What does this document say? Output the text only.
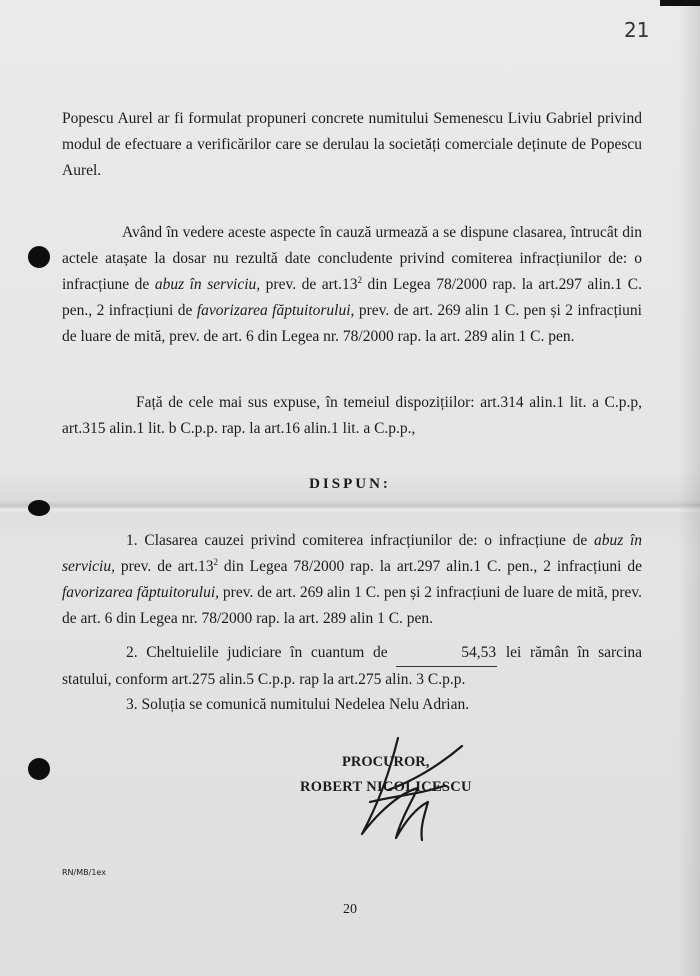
21

Popescu Aurel ar fi formulat propuneri concrete numitului Semenescu Liviu Gabriel privind modul de efectuare a verificărilor care se derulau la societăți comerciale deținute de Popescu Aurel.

Având în vedere aceste aspecte în cauză urmează a se dispune clasarea, întrucât din actele atașate la dosar nu rezultă date concludente privind comiterea infracțiunilor de: o infracțiune de abuz în serviciu, prev. de $art.13^2$ din Legea 78/2000 rap. la art.297 alin.1 C. pen., 2 infracțiuni de favorizarea făptuitorului, prev. de art. 269 alin 1 C. pen și 2 infracțiuni de luare de mită, prev. de art. 6 din Legea nr. 78/2000 rap. la art. 289 alin 1 C. pen.

Față de cele mai sus expuse, în temeiul dispozițiilor: art.314 alin.1 lit. a C.p.p, art.315 alin.1 lit. b C.p.p. rap. la art.16 alin.1 lit. a C.p.p.,

DISPUN:

1. Clasarea cauzei privind comiterea infracțiunilor de: o infracțiune de abuz în serviciu, prev. de $art.13^2$ din Legea 78/2000 rap. la art.297 alin.1 C. pen., 2 infracțiuni de favorizarea făptuitorului, prev. de art. 269 alin 1 C. pen și 2 infracțiuni de luare de mită, prev. de art. 6 din Legea nr. 78/2000 rap. la art. 289 alin 1 C. pen.

2. Cheltuielile judiciare în cuantum de	54,53 lei rămân în sarcina statului, conform art.275 alin.5 C.p.p. rap la art.275 alin. 3 C.p.p.

3. Soluția se comunică numitului Nedelea Nelu Adrian.

PROCUROR,
ROBERT NICOLICESCU
RN/MB/1ex
20
